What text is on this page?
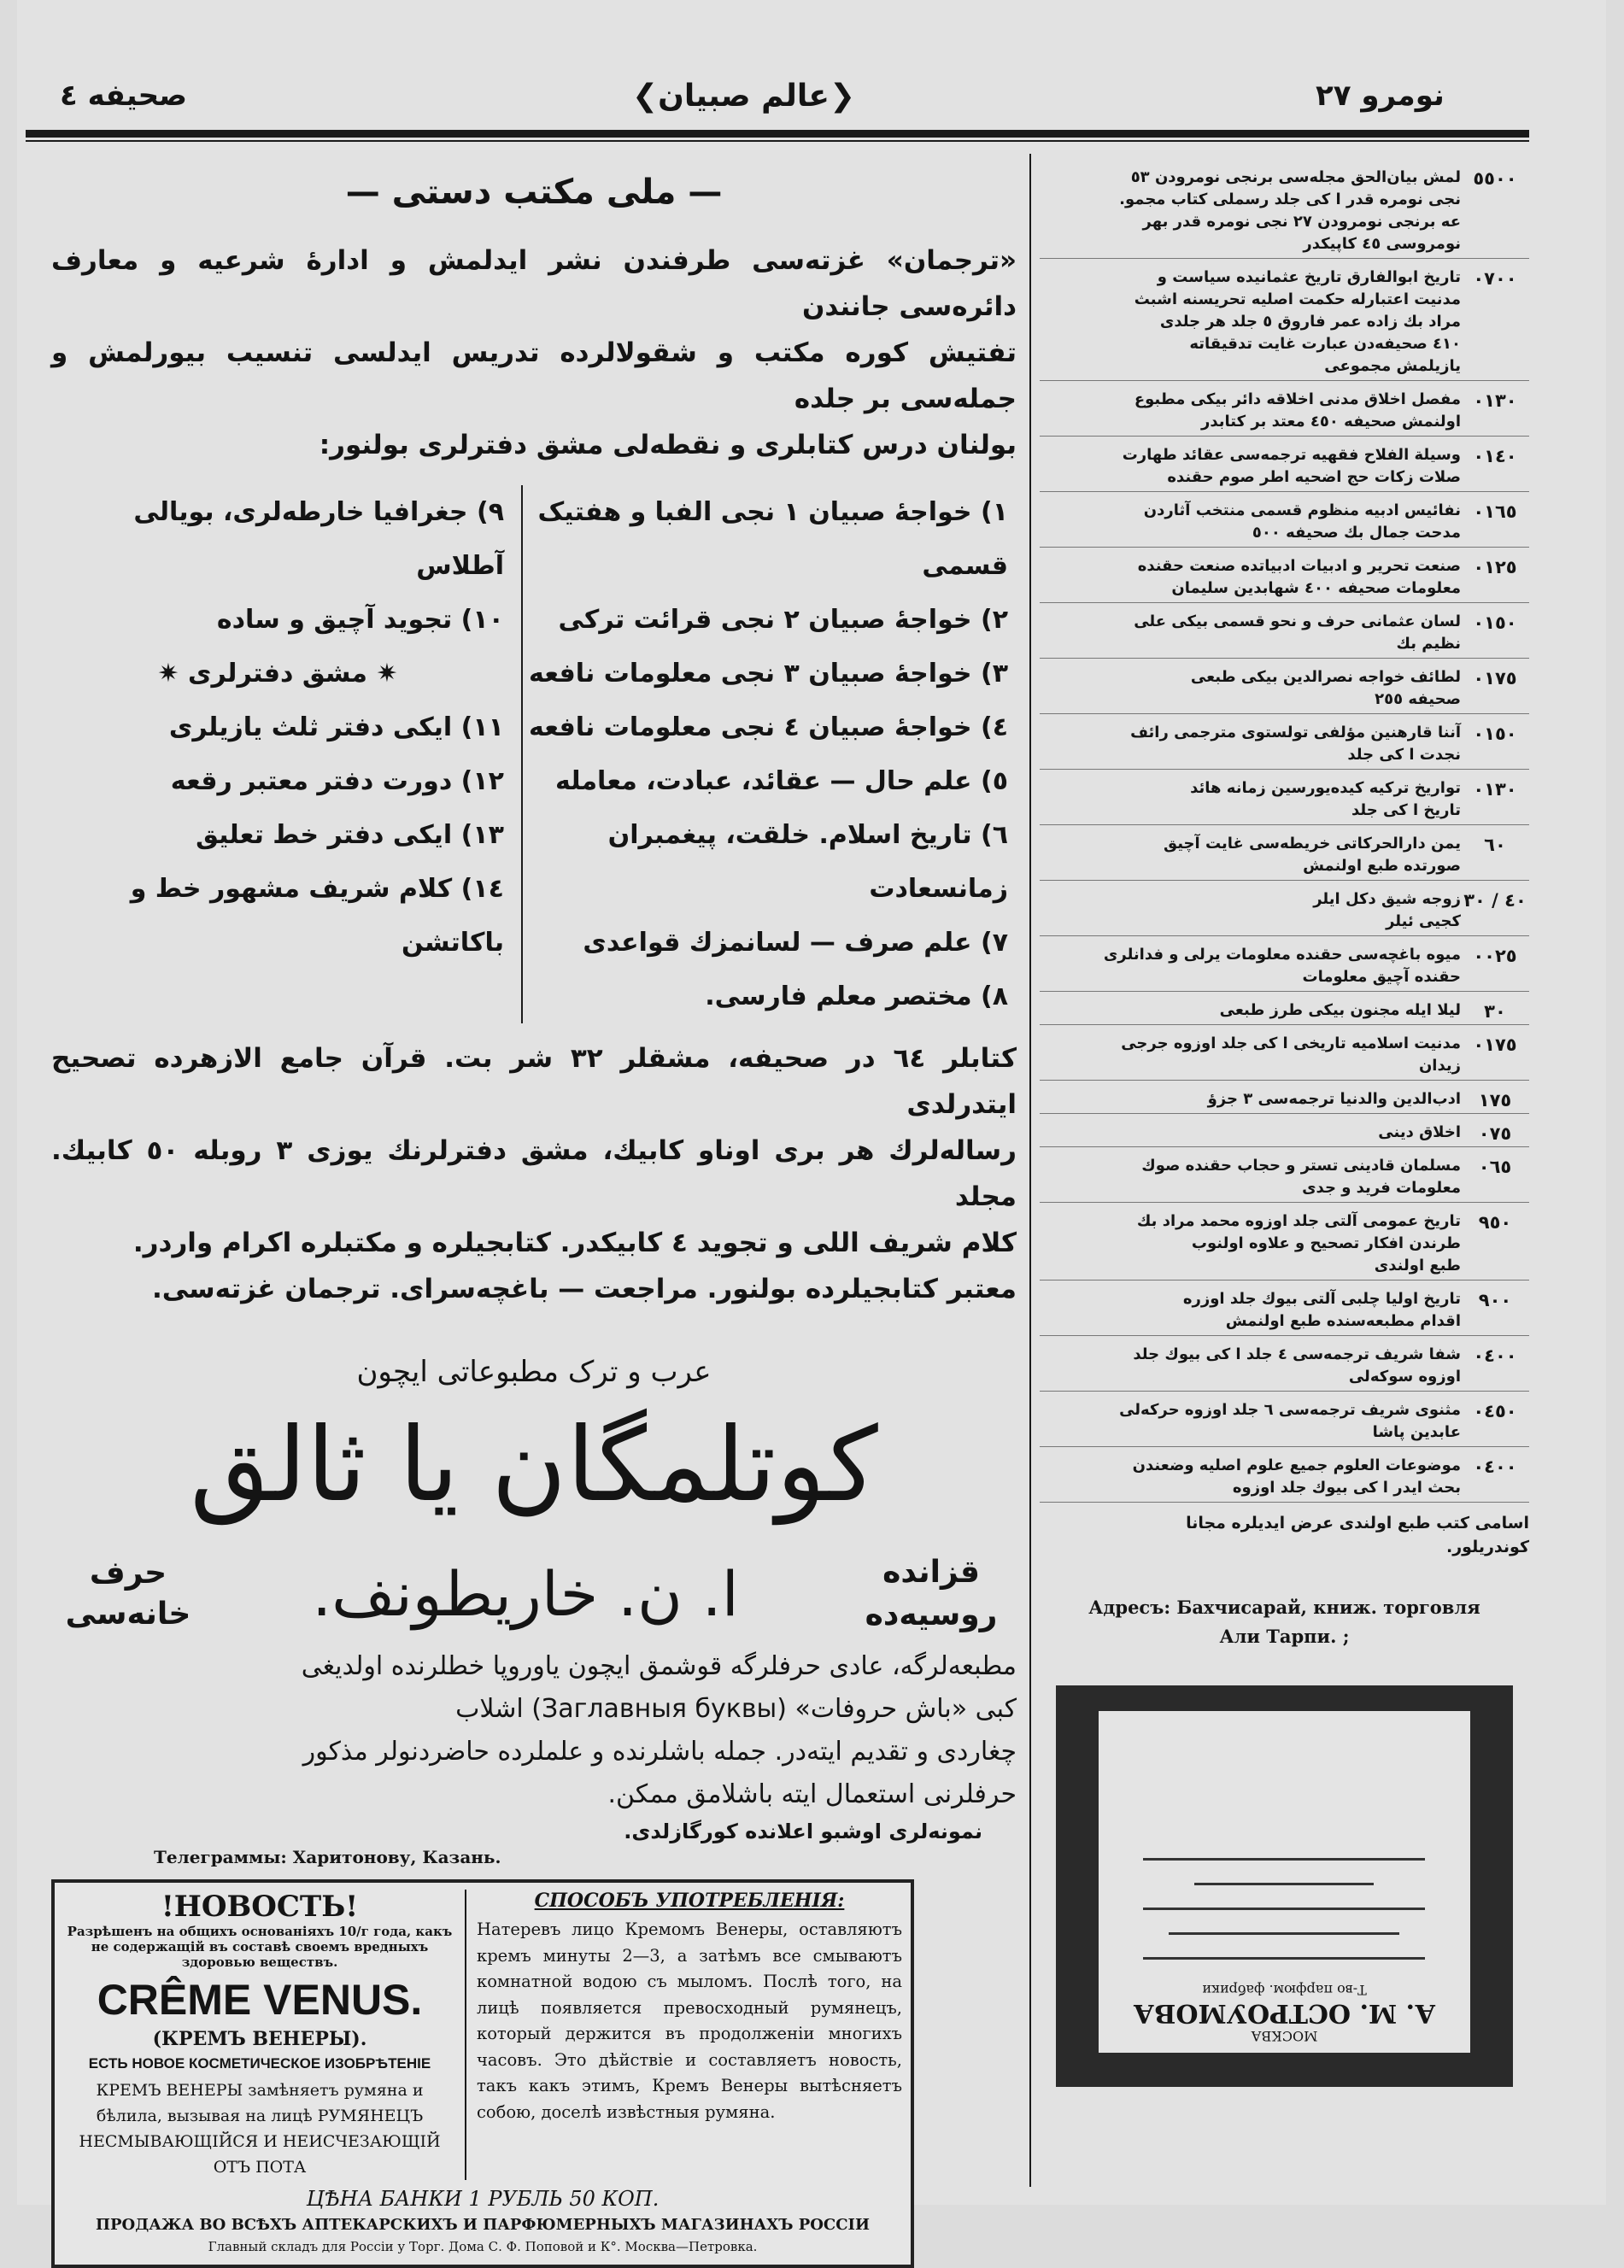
صحیفه ٤	❮عالم صبیان❯	نومرو ٢٧
— ملی مکتب دستی —
«ترجمان» غزته‌سی طرفندن نشر ایدلمش و ادارهٔ شرعیه و معارف دائره‌سی جانندن
تفتیش کوره مکتب و شقولالرده تدریس ایدلسی تنسیب بیورلمش و جمله‌سی بر جلده
بولنان درس کتابلری و نقطه‌لی مشق دفترلری بولنور:
١) خواجهٔ صبیان ١ نجی الفبا و هفتیک قسمی
٢) خواجهٔ صبیان ٢ نجی قرائت ترکی
٣) خواجهٔ صبیان ٣ نجی معلومات نافعه
٤) خواجهٔ صبیان ٤ نجی معلومات نافعه
٥) علم حال — عقائد، عبادت، معامله
٦) تاریخ اسلام. خلقت، پیغمبران زمانسعادت
٧) علم صرف — لسانمزك قواعدی
٨) مختصر معلم فارسی.
٩) جغرافیا خارطه‌لری، بویالی آطلاس
١٠) تجوید آچیق و ساده
✷ مشق دفترلری ✷
١١) ایکی دفتر ثلث یازیلری
١٢) دورت دفتر معتبر رقعه
١٣) ایکی دفتر خط تعلیق
١٤) کلام شریف مشهور خط و باکاتشن
کتابلر ٦٤ در صحیفه، مشقلر ٣٢ شر بت. قرآن جامع الازهرده تصحیح ایتدرلدی
رساله‌لرك هر بری اوناو کابیك، مشق دفترلرنك یوزی ٣ روبله ٥٠ کابیك. مجلد
کلام شریف اللی و تجوید ٤ کابیکدر. کتابجیلره و مکتبلره اکرام واردر.
معتبر کتابجیلرده بولنور. مراجعت — باغچه‌سرای. ترجمان غزته‌سی.
عرب و ترک مطبوعاتی ایچون
کوتلمگان یا ثالق
قزانده
روسیه‌ده
ا. ن. خاریطونف.
حرف
خانه‌سی
مطبعه‌لرگه، عادی حرفلرگه قوشمق ایچون یاوروپا خطلرنده اولدیغی
کبی «باش حروفات» (Заглавныя буквы) اشلاب
چغاردی و تقدیم ایته‌در. جمله باشلرنده و علملرده حاضردنولر مذکور
حرفلرنی استعمال ایته باشلامق ممکن.
نمونه‌لری اوشبو اعلانده کورگازلدی.
Телеграммы: Харитонову, Казань.
!НОВОСТЬ!
Разрѣшенъ на общихъ основаніяхъ 10/г года, какъ не содержащій въ составѣ своемъ вредныхъ здоровью веществъ.
CRÊME VENUS.
(КРЕМЪ ВЕНЕРЫ).
ЕСТЬ НОВОЕ КОСМЕТИЧЕСКОЕ ИЗОБРѢТЕНІЕ
КРЕМЪ ВЕНЕРЫ замѣняетъ румяна и бѣлила, вызывая на лицѣ РУМЯНЕЦЪ НЕСМЫВАЮЩІЙСЯ И НЕИСЧЕЗАЮЩІЙ ОТЪ ПОТА
СПОСОБЪ УПОТРЕБЛЕНІЯ:
Натеревъ лицо Кремомъ Венеры, оставляютъ кремъ минуты 2—3, а затѣмъ все смываютъ комнатной водою съ мыломъ. Послѣ того, на лицѣ появляется превосходный румянецъ, который держится въ продолженіи многихъ часовъ. Это дѣйствіе и составляетъ новость, такъ какъ этимъ, Кремъ Венеры вытѣсняетъ собою, доселѣ извѣстныя румяна.
ЦѢНА БАНКИ 1 РУБЛЬ 50 КОП.
ПРОДАЖА ВО ВСѢХЪ АПТЕКАРСКИХЪ И ПАРФЮМЕРНЫХЪ МАГАЗИНАХЪ РОССІИ
Главный складъ для Россіи у Торг. Дома С. Ф. Поповой и К°. Москва—Петровка.
٥٥٠٠
لمش بیان‌الحق مجله‌سی برنجی نومرودن ٥٣
نجی نومره قدر ا کی جلد رسملی کتاب مجمو.
عه برنجی نومرودن ٢٧ نجی نومره قدر بهر
نومروسی ٤٥ کاپیکدر
٠٧٠٠
تاریخ ابوالفارق تاریخ عثمانیده سیاست و
مدنیت اعتبارله حکمت اصلیه تحریسنه اشبث
مراد بك زاده عمر فاروق ٥ جلد هر جلدی
٤١٠ صحیفه‌دن عبارت غایت تدقیقاته
یازیلمش مجموعی
٠١٣٠
مفصل اخلاق مدنی اخلاقه دائر بیکی مطبوع
اولنمش صحیفه ٤٥٠ معتد بر کتابدر
٠١٤٠
وسیلة الفلاح فقهیه ترجمه‌سی عقائد طهارت
صلات زکات حج اضحیه اطر صوم حقنده
٠١٦٥
نفائیس ادبیه منظوم قسمی منتخب آثاردن
مدحت جمال بك صحیفه ٥٠٠
٠١٢٥
صنعت تحریر و ادبیات ادبیاتده صنعت حقنده
معلومات صحیفه ٤٠٠ شهابدین سلیمان
٠١٥٠
لسان عثمانی حرف و نحو قسمی بیکی علی
نظیم بك
٠١٧٥
لطائف خواجه نصرالدین بیکی طبعی
صحیفه ٢٥٥
٠١٥٠
آننا قارهنین مؤلفی تولستوی مترجمی رائف
نجدت ا کی جلد
٠١٣٠
تواریخ ترکیه کیده‌یورسین زمانه هائد
تاریخ ا کی جلد
٦٠
یمن دارالحرکاتی خریطه‌سی غایت آچیق
صورتده طبع اولنمش
٤٠ / ٣٠
زوجه شیق دکل ایلر
کجیی ئیلر
٠٠٢٥
میوه باغچه‌سی حقنده معلومات یرلی و فدانلری
حقنده آچیق معلومات
٣٠
لیلا ایله مجنون بیکی طرز طبعی
٠١٧٥
مدنیت اسلامیه تاریخی ا کی جلد اوزوه جرجی
زیدان
١٧٥
ادب‌الدین والدنیا ترجمه‌سی ٣ جزؤ
٠٧٥
اخلاق دینی
٠٦٥
مسلمان قادینی تستر و حجاب حقنده صوك
معلومات فرید و جدی
٩٥٠
تاریخ عمومی آلتی جلد اوزوه محمد مراد بك
طرندن افکار تصحیح و علاوه اولنوب
طبع اولندی
٩٠٠
تاریخ اولیا چلبی آلتی بیوك جلد اوزره
اقدام مطبعه‌سنده طبع اولنمش
٠٤٠٠
شفا شریف ترجمه‌سی ٤ جلد ا کی بیوك جلد
اوزوه سوکه‌لی
٠٤٥٠
مثنوی شریف ترجمه‌سی ٦ جلد اوزوه حرکه‌لی
عابدین پاشا
٠٤٠٠
موضوعات العلوم جمیع علوم اصلیه وضعندن
بحث ایدر ا کی بیوك جلد اوزوه
اسامی کتب طبع اولندی عرض ایدیلره مجانا
کوندریلور.
Адресъ: Бахчисарай, книж. торговля
Али Тарпи. ;
МОСКВА
А. М. ОСТРОУМОВА
Т-во парфюм. фабрики
